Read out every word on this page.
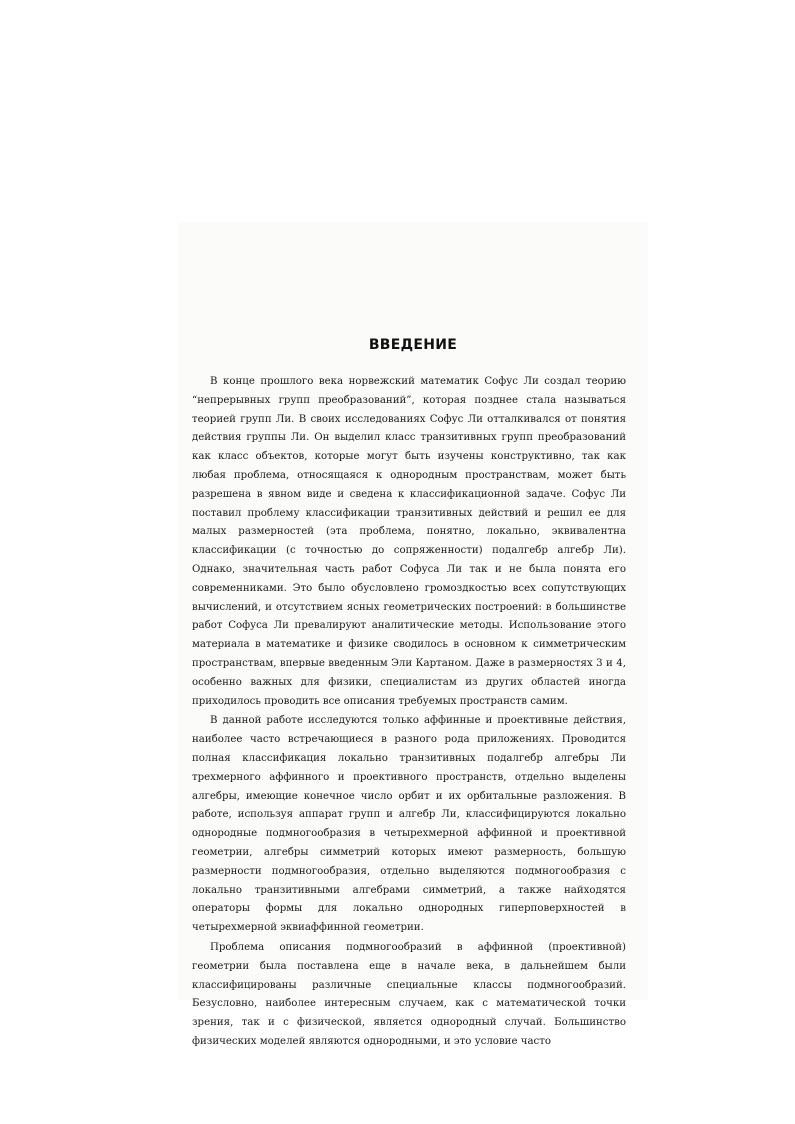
ВВЕДЕНИЕ

В конце прошлого века норвежский математик Софус Ли создал теорию “непрерывных групп преобразований”, которая позднее стала называться теорией групп Ли. В своих исследованиях Софус Ли отталкивался от понятия действия группы Ли. Он выделил класс транзитивных групп преобразований как класс объектов, которые могут быть изучены конструктивно, так как любая проблема, относящаяся к однородным пространствам, может быть разрешена в явном виде и сведена к классификационной задаче. Софус Ли поставил проблему классификации транзитивных действий и решил ее для малых размерностей (эта проблема, понятно, локально, эквивалентна классификации (с точностью до сопряженности) подалгебр алгебр Ли). Однако, значительная часть работ Софуса Ли так и не была понята его современниками. Это было обусловлено громоздкостью всех сопутствующих вычислений, и отсутствием ясных геометрических построений: в большинстве работ Софуса Ли превалируют аналитические методы. Использование этого материала в математике и физике сводилось в основном к симметрическим пространствам, впервые введенным Эли Картаном. Даже в размерностях 3 и 4, особенно важных для физики, специалистам из других областей иногда приходилось проводить все описания требуемых пространств самим.

В данной работе исследуются только аффинные и проективные действия, наиболее часто встречающиеся в разного рода приложениях. Проводится полная классификация локально транзитивных подалгебр алгебры Ли трехмерного аффинного и проективного пространств, отдельно выделены алгебры, имеющие конечное число орбит и их орбитальные разложения. В работе, используя аппарат групп и алгебр Ли, классифицируются локально однородные подмногообразия в четырехмерной аффинной и проективной геометрии, алгебры симметрий которых имеют размерность, большую размерности подмногообразия, отдельно выделяются подмногообразия с локально транзитивными алгебрами симметрий, а также найходятся операторы формы для локально однородных гиперповерхностей в четырехмерной эквиаффинной геометрии.

Проблема описания подмногообразий в аффинной (проективной) геометрии была поставлена еще в начале века, в дальнейшем были классифицированы различные специальные классы подмногообразий. Безусловно, наиболее интересным случаем, как с математической точки зрения, так и с физической, является однородный случай. Большинство физических моделей являются однородными, и это условие часто
